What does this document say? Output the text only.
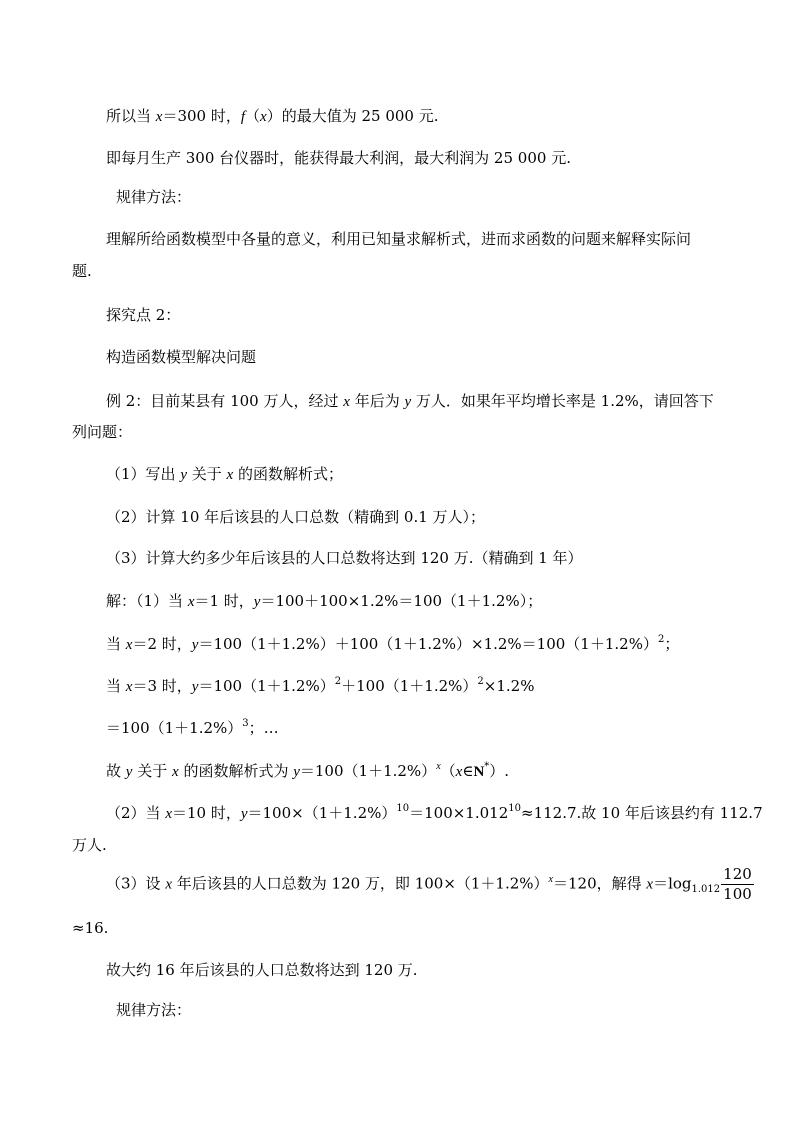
所以当 x＝300 时，f（x）的最大值为 25 000 元.
即每月生产 300 台仪器时，能获得最大利润，最大利润为 25 000 元.
规律方法：
理解所给函数模型中各量的意义，利用已知量求解析式，进而求函数的问题来解释实际问
题.
探究点 2：
构造函数模型解决问题
例 2：目前某县有 100 万人，经过 x 年后为 y 万人．如果年平均增长率是 1.2%，请回答下
列问题：
（1）写出 y 关于 x 的函数解析式；
（2）计算 10 年后该县的人口总数（精确到 0.1 万人）；
（3）计算大约多少年后该县的人口总数将达到 120 万.（精确到 1 年）
解：（1）当 x＝1 时，y＝100＋100×1.2%＝100（1＋1.2%）；
当 x＝2 时，$y=100(1+1.2\%)+100(1+1.2\%)\times 1.2\%=100(1+1.2\%)^2$；
当 x＝3 时，$y=100(1+1.2\%)^2+100(1+1.2\%)^2\times 1.2\%$
$=100(1+1.2\%)^3$；…
故 y 关于 x 的函数解析式为 $y=100(1+1.2\%)^x(x\in N^*)$.
（2）当 x＝10 时，$y=100\times(1+1.2\%)^{10}=100\times 1.012^{10}\approx 112.7$.故 10 年后该县约有 112.7
万人.
（3）设 x 年后该县的人口总数为 120 万，即 $100\times(1+1.2\%)^x=120$，解得 $x=\log_{1.012} \frac{120}{100}$
≈16.
故大约 16 年后该县的人口总数将达到 120 万.
规律方法：
